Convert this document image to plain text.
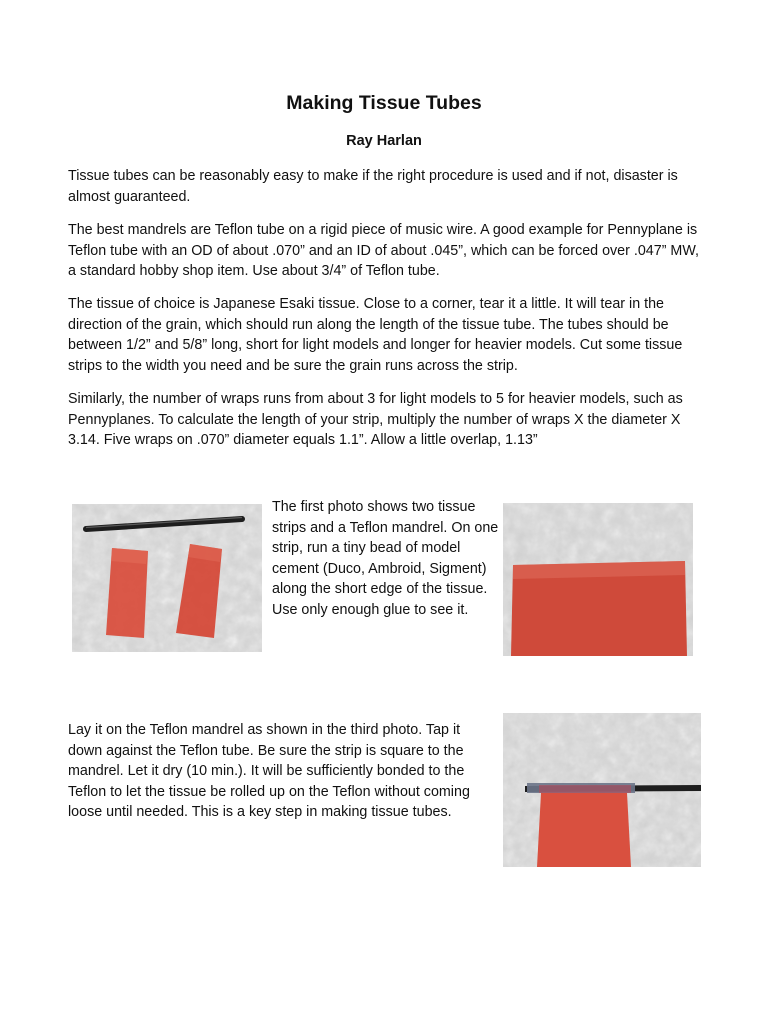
Making Tissue Tubes
Ray Harlan

Tissue tubes can be reasonably easy to make if the right procedure is used and if not, disaster is almost guaranteed.

The best mandrels are Teflon tube on a rigid piece of music wire. A good example for Pennyplane is Teflon tube with an OD of about .070” and an ID of about .045”, which can be forced over .047” MW, a standard hobby shop item. Use about 3/4” of Teflon tube.

The tissue of choice is Japanese Esaki tissue. Close to a corner, tear it a little. It will tear in the direction of the grain, which should run along the length of the tissue tube. The tubes should be between 1/2” and 5/8” long, short for light models and longer for heavier models. Cut some tissue strips to the width you need and be sure the grain runs across the strip.

Similarly, the number of wraps runs from about 3 for light models to 5 for heavier models, such as Pennyplanes. To calculate the length of your strip, multiply the number of wraps X the diameter X 3.14. Five wraps on .070” diameter equals 1.1”. Allow a little overlap, 1.13”

The first photo shows two tissue strips and a Teflon mandrel. On one strip, run a tiny bead of model cement (Duco, Ambroid, Sigment) along the short edge of the tissue. Use only enough glue to see it.
Lay it on the Teflon mandrel as shown in the third photo. Tap it down against the Teflon tube. Be sure the strip is square to the mandrel. Let it dry (10 min.). It will be sufficiently bonded to the Teflon to let the tissue be rolled up on the Teflon without coming loose until needed. This is a key step in making tissue tubes.
